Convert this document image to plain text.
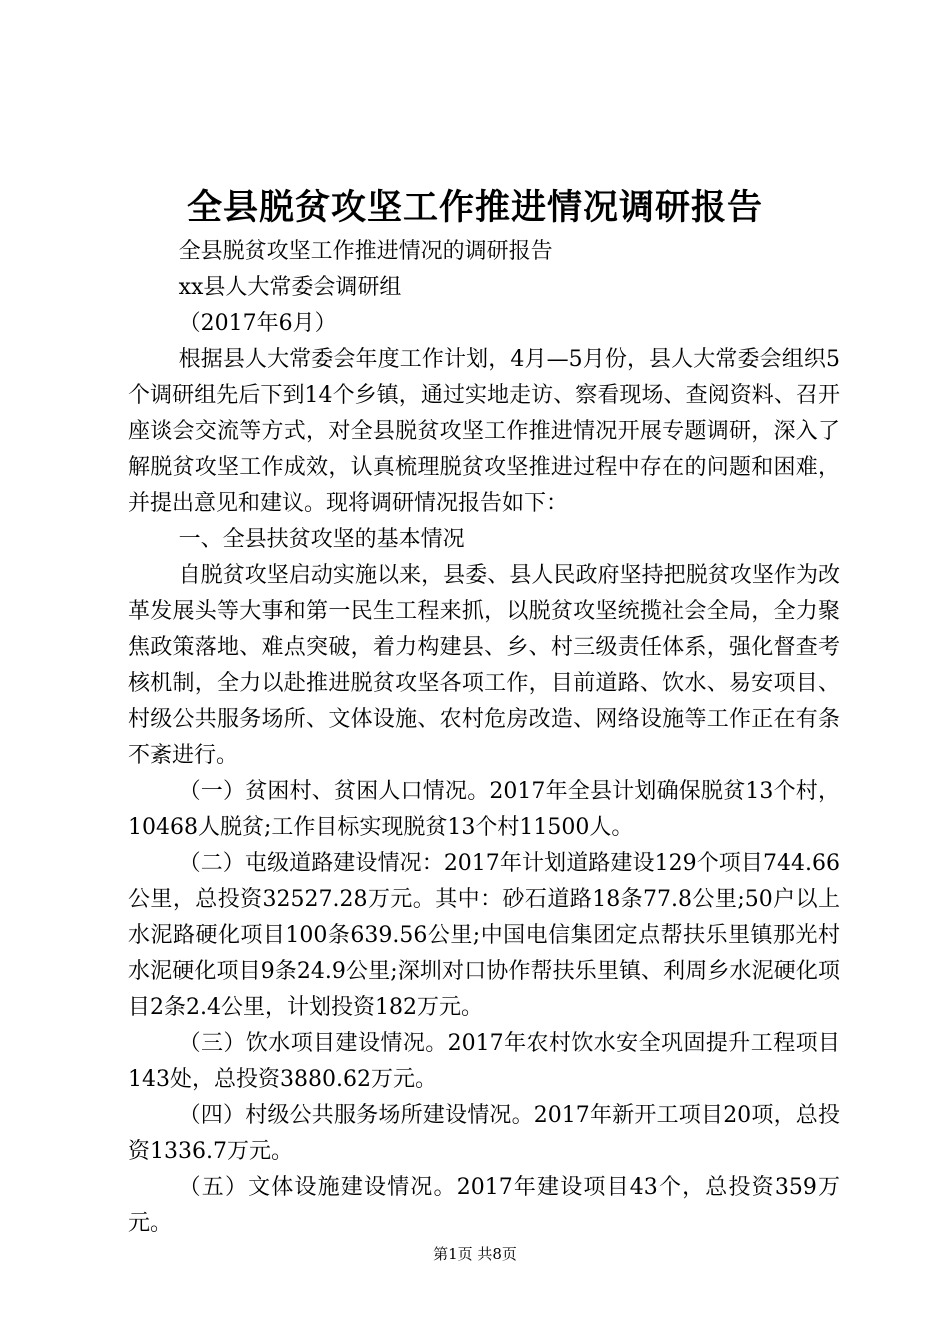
全县脱贫攻坚工作推进情况调研报告

全县脱贫攻坚工作推进情况的调研报告

xx县人大常委会调研组

（2017年6月）

根据县人大常委会年度工作计划，4月—5月份，县人大常委会组织5个调研组先后下到14个乡镇，通过实地走访、察看现场、查阅资料、召开座谈会交流等方式，对全县脱贫攻坚工作推进情况开展专题调研，深入了解脱贫攻坚工作成效，认真梳理脱贫攻坚推进过程中存在的问题和困难，并提出意见和建议。现将调研情况报告如下：

一、全县扶贫攻坚的基本情况

自脱贫攻坚启动实施以来，县委、县人民政府坚持把脱贫攻坚作为改革发展头等大事和第一民生工程来抓，以脱贫攻坚统揽社会全局，全力聚焦政策落地、难点突破，着力构建县、乡、村三级责任体系，强化督查考核机制，全力以赴推进脱贫攻坚各项工作，目前道路、饮水、易安项目、村级公共服务场所、文体设施、农村危房改造、网络设施等工作正在有条不紊进行。

（一）贫困村、贫困人口情况。2017年全县计划确保脱贫13个村，10468人脱贫;工作目标实现脱贫13个村11500人。

（二）屯级道路建设情况：2017年计划道路建设129个项目744.66公里，总投资32527.28万元。其中：砂石道路18条77.8公里;50户以上水泥路硬化项目100条639.56公里;中国电信集团定点帮扶乐里镇那光村水泥硬化项目9条24.9公里;深圳对口协作帮扶乐里镇、利周乡水泥硬化项目2条2.4公里，计划投资182万元。

（三）饮水项目建设情况。2017年农村饮水安全巩固提升工程项目143处，总投资3880.62万元。

（四）村级公共服务场所建设情况。2017年新开工项目20项，总投资1336.7万元。

（五）文体设施建设情况。2017年建设项目43个，总投资359万元。

第1页 共8页
